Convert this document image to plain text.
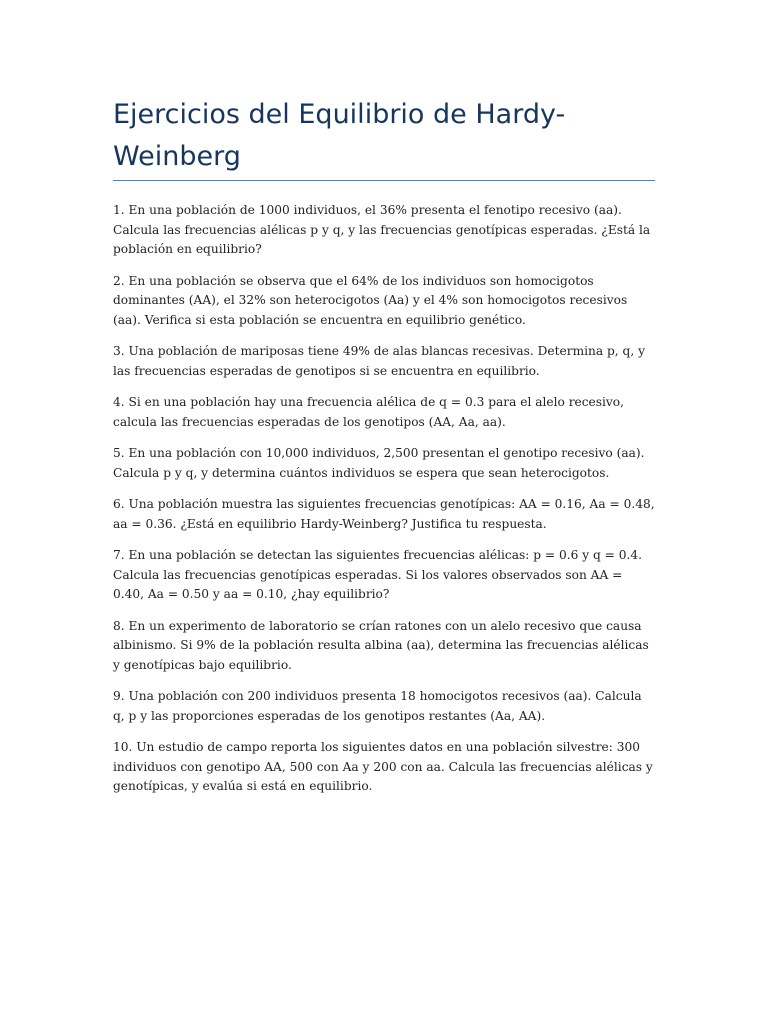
Ejercicios del Equilibrio de Hardy-Weinberg
1. En una población de 1000 individuos, el 36% presenta el fenotipo recesivo (aa). Calcula las frecuencias alélicas p y q, y las frecuencias genotípicas esperadas. ¿Está la población en equilibrio?
2. En una población se observa que el 64% de los individuos son homocigotos dominantes (AA), el 32% son heterocigotos (Aa) y el 4% son homocigotos recesivos (aa). Verifica si esta población se encuentra en equilibrio genético.
3. Una población de mariposas tiene 49% de alas blancas recesivas. Determina p, q, y las frecuencias esperadas de genotipos si se encuentra en equilibrio.
4. Si en una población hay una frecuencia alélica de q = 0.3 para el alelo recesivo, calcula las frecuencias esperadas de los genotipos (AA, Aa, aa).
5. En una población con 10,000 individuos, 2,500 presentan el genotipo recesivo (aa). Calcula p y q, y determina cuántos individuos se espera que sean heterocigotos.
6. Una población muestra las siguientes frecuencias genotípicas: AA = 0.16, Aa = 0.48, aa = 0.36. ¿Está en equilibrio Hardy-Weinberg? Justifica tu respuesta.
7. En una población se detectan las siguientes frecuencias alélicas: p = 0.6 y q = 0.4. Calcula las frecuencias genotípicas esperadas. Si los valores observados son AA = 0.40, Aa = 0.50 y aa = 0.10, ¿hay equilibrio?
8. En un experimento de laboratorio se crían ratones con un alelo recesivo que causa albinismo. Si 9% de la población resulta albina (aa), determina las frecuencias alélicas y genotípicas bajo equilibrio.
9. Una población con 200 individuos presenta 18 homocigotos recesivos (aa). Calcula q, p y las proporciones esperadas de los genotipos restantes (Aa, AA).
10. Un estudio de campo reporta los siguientes datos en una población silvestre: 300 individuos con genotipo AA, 500 con Aa y 200 con aa. Calcula las frecuencias alélicas y genotípicas, y evalúa si está en equilibrio.
